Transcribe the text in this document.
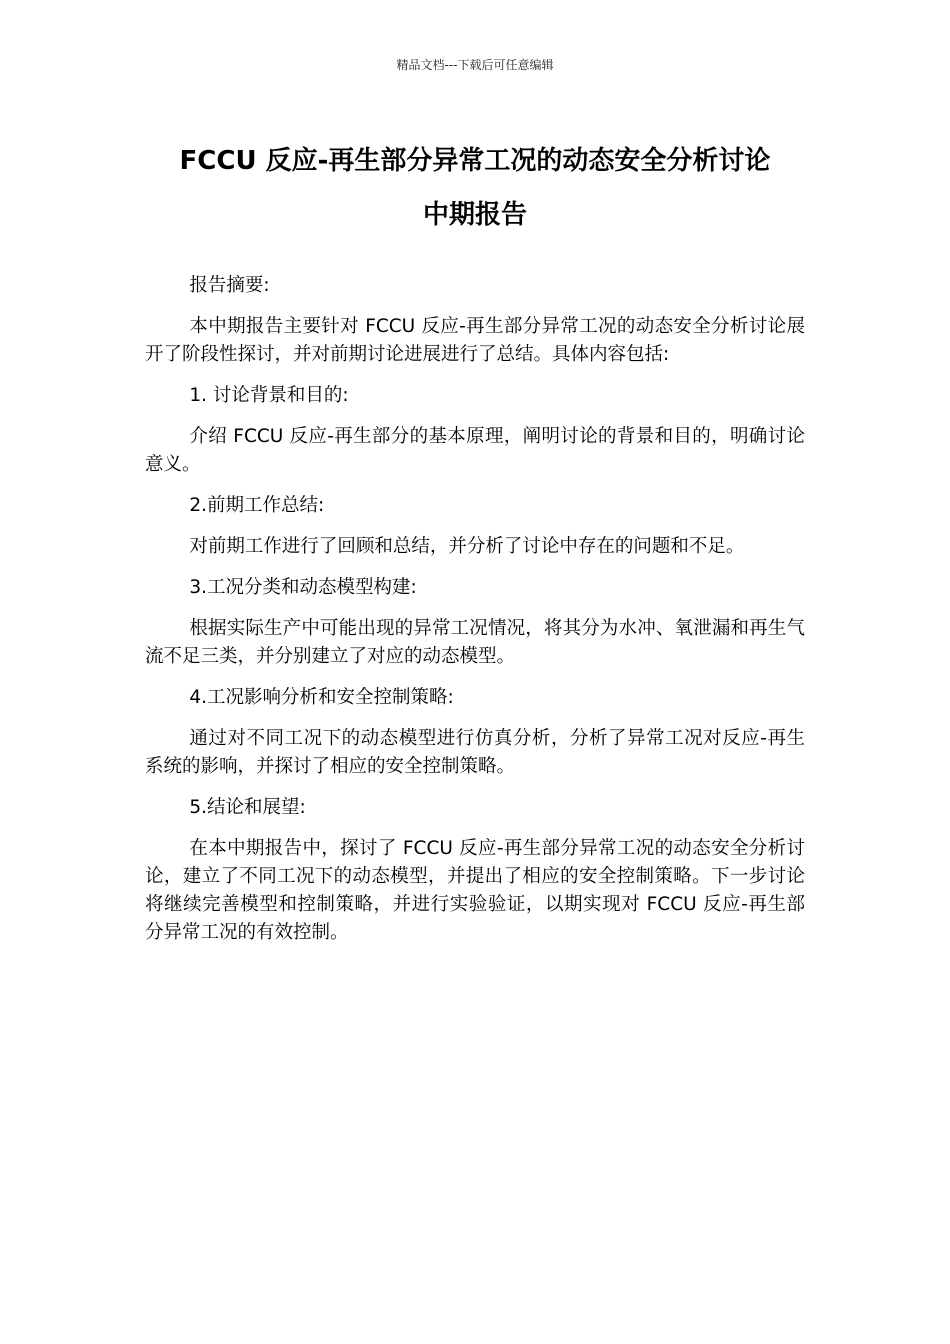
精品文档---下载后可任意编辑
FCCU 反应-再生部分异常工况的动态安全分析讨论
中期报告

报告摘要:

本中期报告主要针对 FCCU 反应-再生部分异常工况的动态安全分析讨论展开了阶段性探讨，并对前期讨论进展进行了总结。具体内容包括:

1. 讨论背景和目的:

介绍 FCCU 反应-再生部分的基本原理，阐明讨论的背景和目的，明确讨论意义。

2.前期工作总结:

对前期工作进行了回顾和总结，并分析了讨论中存在的问题和不足。

3.工况分类和动态模型构建:

根据实际生产中可能出现的异常工况情况，将其分为水冲、氧泄漏和再生气流不足三类，并分别建立了对应的动态模型。

4.工况影响分析和安全控制策略:

通过对不同工况下的动态模型进行仿真分析，分析了异常工况对反应-再生系统的影响，并探讨了相应的安全控制策略。

5.结论和展望:

在本中期报告中，探讨了 FCCU 反应-再生部分异常工况的动态安全分析讨论，建立了不同工况下的动态模型，并提出了相应的安全控制策略。下一步讨论将继续完善模型和控制策略，并进行实验验证，以期实现对 FCCU 反应-再生部分异常工况的有效控制。
